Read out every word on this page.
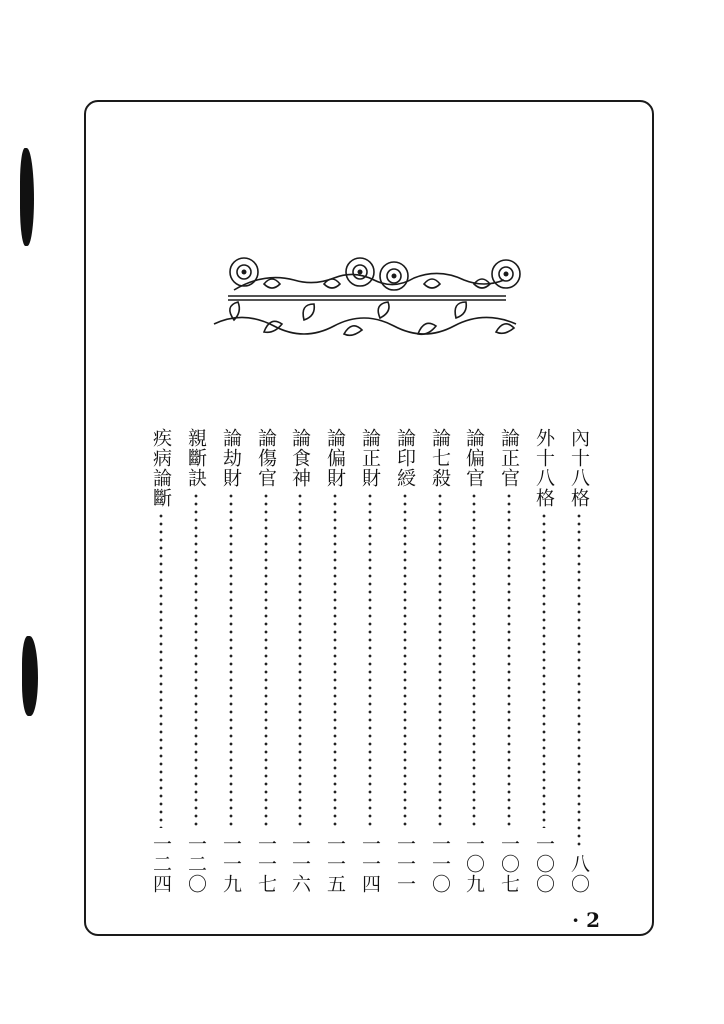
內十八格
八〇
外十八格
一〇〇
論正官
一〇七
論偏官
一〇九
論七殺
一一〇
論印綬
一一一
論正財
一一四
論偏財
一一五
論食神
一一六
論傷官
一一七
論劫財
一一九
親斷訣
一二〇
疾病論斷
一二四
· 2
